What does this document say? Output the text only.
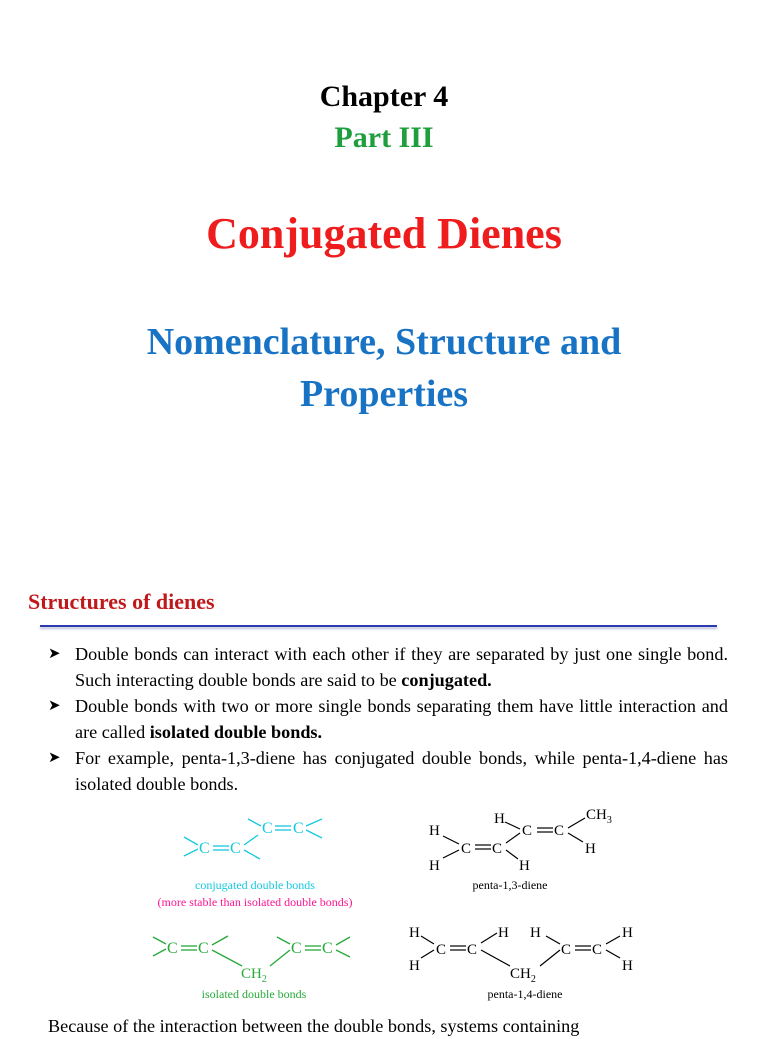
Chapter 4
Part III
Conjugated Dienes
Nomenclature, Structure and Properties
Structures of dienes
➤ Double bonds can interact with each other if they are separated by just one single bond. Such interacting double bonds are said to be conjugated.
➤ Double bonds with two or more single bonds separating them have little interaction and are called isolated double bonds.
➤ For example, penta-1,3-diene has conjugated double bonds, while penta-1,4-diene has isolated double bonds.
C C
C C
conjugated double bonds
(more stable than isolated double bonds)
H
H
C C
H
C C
H
$CH_3$
H
penta-1,3-diene
C C	C C
$CH_2$
isolated double bonds
H
H
C C
H H
C C
H
H
$CH_2$
penta-1,4-diene
Because of the interaction between the double bonds, systems containing
